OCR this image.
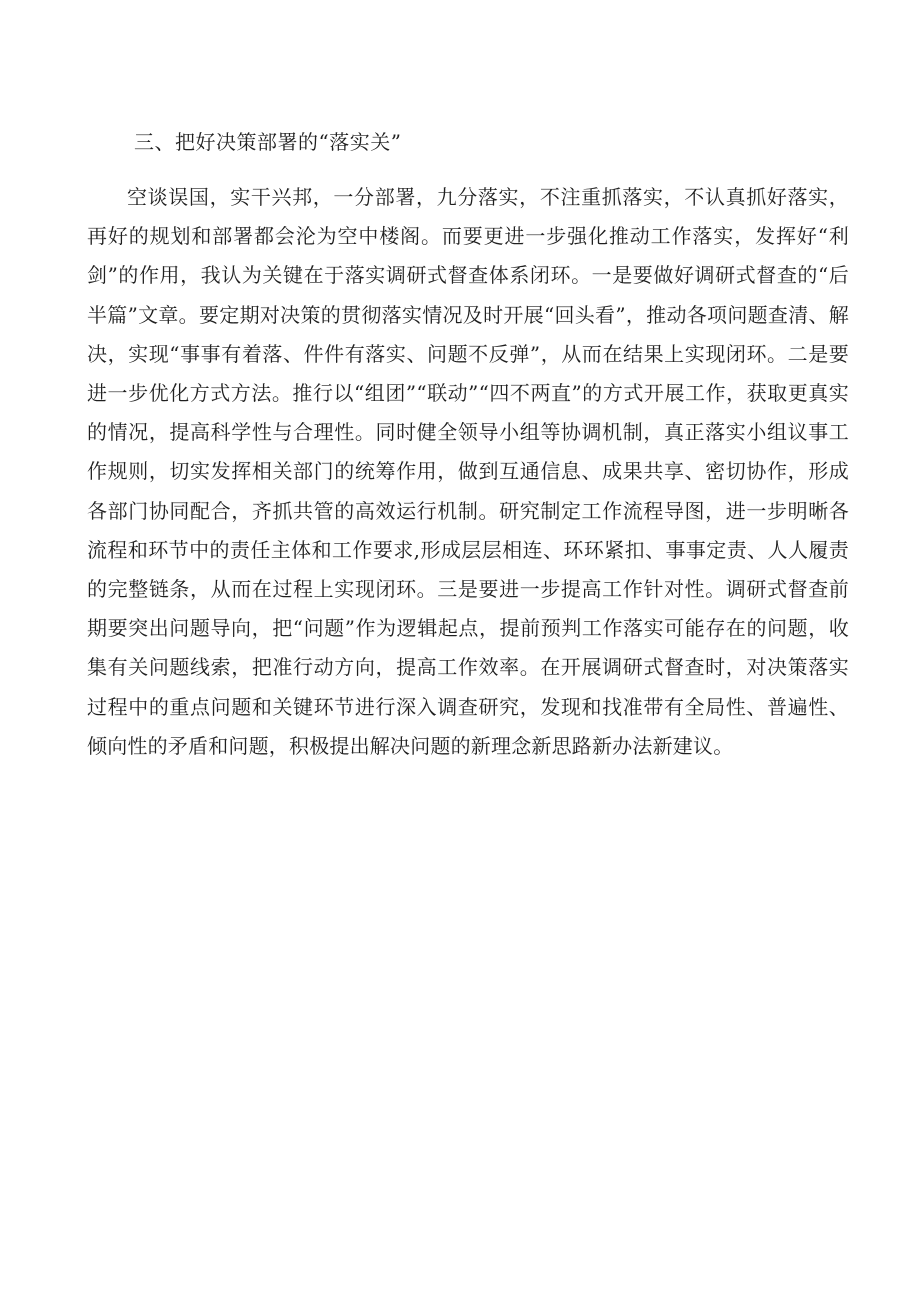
三、把好决策部署的“落实关”

空谈误国，实干兴邦，一分部署，九分落实，不注重抓落实，不认真抓好落实，再好的规划和部署都会沦为空中楼阁。而要更进一步强化推动工作落实，发挥好“利剑”的作用，我认为关键在于落实调研式督查体系闭环。一是要做好调研式督查的“后半篇”文章。要定期对决策的贯彻落实情况及时开展“回头看”，推动各项问题查清、解决，实现“事事有着落、件件有落实、问题不反弹”，从而在结果上实现闭环。二是要进一步优化方式方法。推行以“组团”“联动”“四不两直”的方式开展工作，获取更真实的情况，提高科学性与合理性。同时健全领导小组等协调机制，真正落实小组议事工作规则，切实发挥相关部门的统筹作用，做到互通信息、成果共享、密切协作，形成各部门协同配合，齐抓共管的高效运行机制。研究制定工作流程导图，进一步明晰各流程和环节中的责任主体和工作要求,形成层层相连、环环紧扣、事事定责、人人履责的完整链条，从而在过程上实现闭环。三是要进一步提高工作针对性。调研式督查前期要突出问题导向，把“问题”作为逻辑起点，提前预判工作落实可能存在的问题，收集有关问题线索，把准行动方向，提高工作效率。在开展调研式督查时，对决策落实过程中的重点问题和关键环节进行深入调查研究，发现和找准带有全局性、普遍性、倾向性的矛盾和问题，积极提出解决问题的新理念新思路新办法新建议。
